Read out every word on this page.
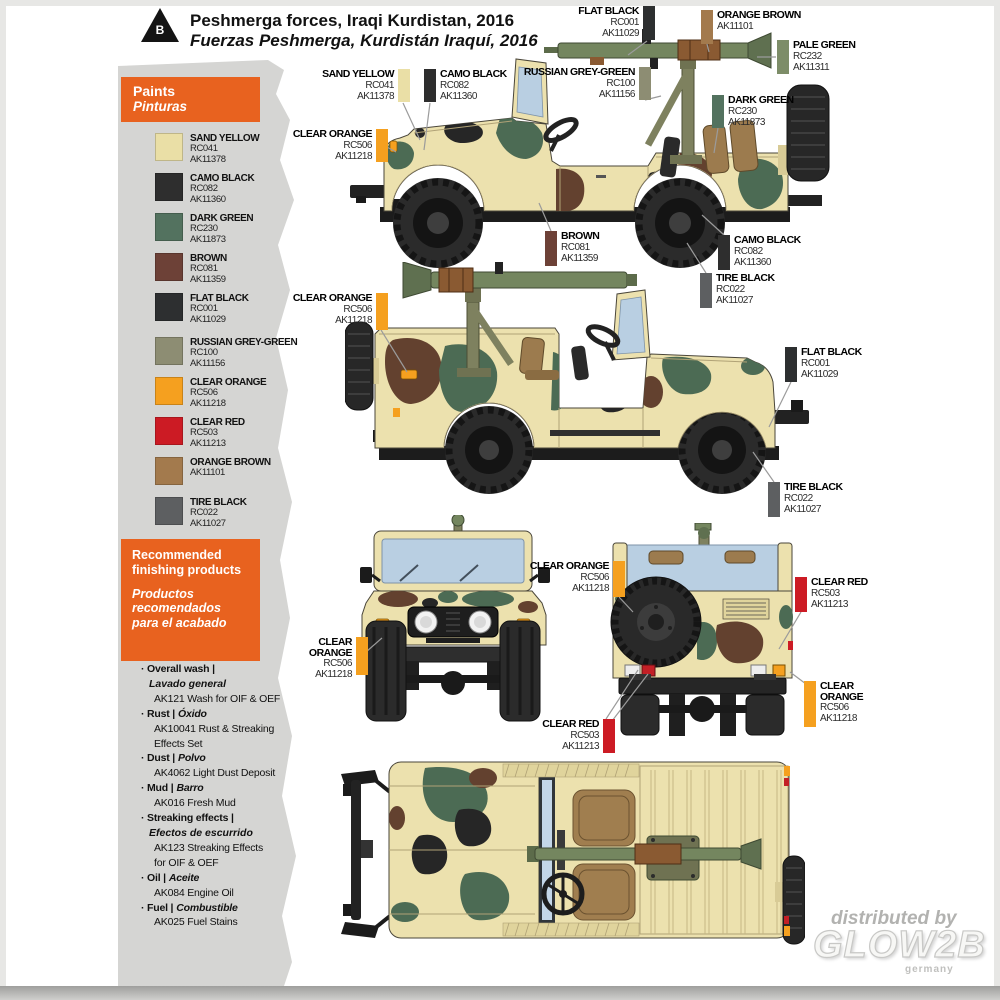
B	Peshmerga forces, Iraqi Kurdistan, 2016
Fuerzas Peshmerga, Kurdistán Iraquí, 2016
Paints
Pinturas
SAND YELLOW
RC041
AK11378
CAMO BLACK
RC082
AK11360
DARK GREEN
RC230
AK11873
BROWN
RC081
AK11359
FLAT BLACK
RC001
AK11029
RUSSIAN GREY-GREEN
RC100
AK11156
CLEAR ORANGE
RC506
AK11218
CLEAR RED
RC503
AK11213
ORANGE BROWN
AK11101
TIRE BLACK
RC022
AK11027
Recommended finishing products
Productos recomendados para el acabado
· Overall wash |
Lavado general
AK121 Wash for OIF & OEF
· Rust | Óxido
AK10041 Rust & Streaking
Effects Set
· Dust | Polvo
AK4062 Light Dust Deposit
· Mud | Barro
AK016 Fresh Mud
· Streaking effects |
Efectos de escurrido
AK123 Streaking Effects
for OIF & OEF
· Oil | Aceite
AK084 Engine Oil
· Fuel | Combustible
AK025 Fuel Stains
FLAT BLACK
RC001
AK11029
ORANGE BROWN
AK11101
PALE GREEN
RC232
AK11311
SAND YELLOW
RC041
AK11378
CAMO BLACK
RC082
AK11360
RUSSIAN GREY-GREEN
RC100
AK11156	DARK GREEN
RC230
AK11873
CLEAR ORANGE
RC506
AK11218
BROWN
RC081
AK11359
CAMO BLACK
RC082
AK11360
TIRE BLACK
RC022
AK11027
CLEAR ORANGE
RC506
AK11218
FLAT BLACK
RC001
AK11029
TIRE BLACK
RC022
AK11027
CLEAR ORANGE
RC506
AK11218
CLEAR ORANGE
RC506
AK11218
CLEAR RED
RC503
AK11213
CLEAR ORANGE
RC506
AK11218
CLEAR RED
RC503
AK11213
distributed by
GLOW2B
germany
